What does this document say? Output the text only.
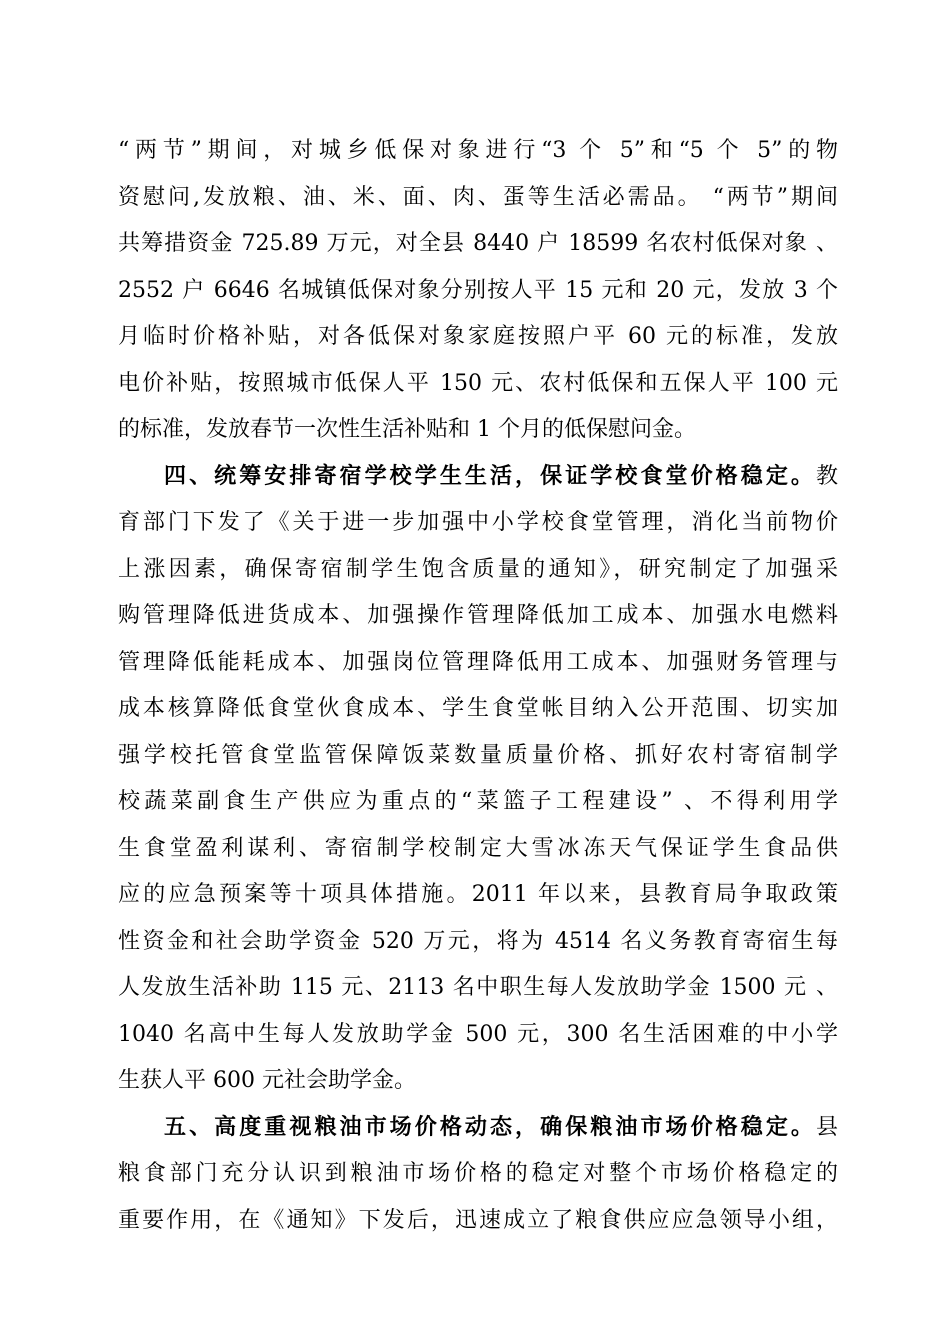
“两节”期间，对城乡低保对象进行“3 个 5”和“5 个 5”的物
资慰问,发放粮、油、米、面、肉、蛋等生活必需品。 “两节”期间
共筹措资金 725.89 万元，对全县 8440 户 18599 名农村低保对象 、
2552 户 6646 名城镇低保对象分别按人平 15 元和 20 元，发放 3 个
月临时价格补贴，对各低保对象家庭按照户平 60 元的标准，发放
电价补贴，按照城市低保人平 150 元、农村低保和五保人平 100 元
的标准，发放春节一次性生活补贴和 1 个月的低保慰问金。
四、统筹安排寄宿学校学生生活，保证学校食堂价格稳定。教
育部门下发了《关于进一步加强中小学校食堂管理，消化当前物价
上涨因素，确保寄宿制学生饱含质量的通知》，研究制定了加强采
购管理降低进货成本、加强操作管理降低加工成本、加强水电燃料
管理降低能耗成本、加强岗位管理降低用工成本、加强财务管理与
成本核算降低食堂伙食成本、学生食堂帐目纳入公开范围、切实加
强学校托管食堂监管保障饭菜数量质量价格、抓好农村寄宿制学
校蔬菜副食生产供应为重点的“菜篮子工程建设” 、不得利用学
生食堂盈利谋利、寄宿制学校制定大雪冰冻天气保证学生食品供
应的应急预案等十项具体措施。2011 年以来，县教育局争取政策
性资金和社会助学资金 520 万元，将为 4514 名义务教育寄宿生每
人发放生活补助 115 元、2113 名中职生每人发放助学金 1500 元 、
1040 名高中生每人发放助学金 500 元，300 名生活困难的中小学
生获人平 600 元社会助学金。
五、高度重视粮油市场价格动态，确保粮油市场价格稳定。县
粮食部门充分认识到粮油市场价格的稳定对整个市场价格稳定的
重要作用，在《通知》下发后，迅速成立了粮食供应应急领导小组，
